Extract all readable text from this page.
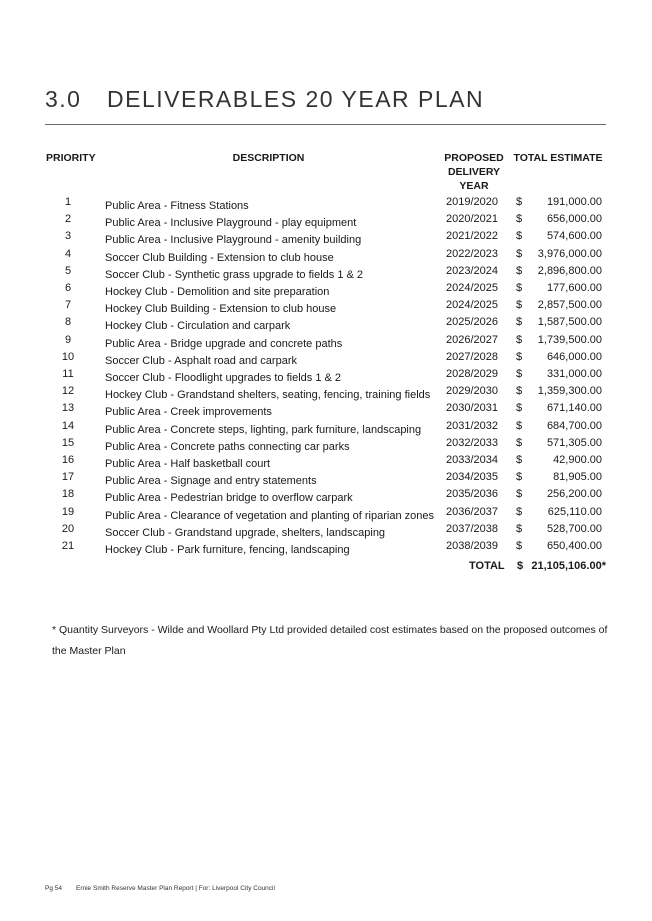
3.0 DELIVERABLES 20 YEAR PLAN
PRIORITY	DESCRIPTION	PROPOSED
DELIVERY
YEAR
TOTAL ESTIMATE
1	Public Area - Fitness Stations	2019/2020 $ 191,000.00
2	Public Area - Inclusive Playground - play equipment	2020/2021 $ 656,000.00
3	Public Area - Inclusive Playground - amenity building	2021/2022 $ 574,600.00
4	Soccer Club Building - Extension to club house	2022/2023 $ 3,976,000.00
5	Soccer Club - Synthetic grass upgrade to fields 1 & 2	2023/2024 $ 2,896,800.00
6	Hockey Club - Demolition and site preparation	2024/2025 $ 177,600.00
7	Hockey Club Building - Extension to club house	2024/2025 $ 2,857,500.00
8	Hockey Club - Circulation and carpark	2025/2026 $ 1,587,500.00
9	Public Area - Bridge upgrade and concrete paths	2026/2027 $ 1,739,500.00
10	Soccer Club - Asphalt road and carpark	2027/2028 $ 646,000.00
11	Soccer Club - Floodlight upgrades to fields 1 & 2	2028/2029 $ 331,000.00
12	Hockey Club - Grandstand shelters, seating, fencing, training fields 2029/2030 $ 1,359,300.00
13	Public Area - Creek improvements	2030/2031 $ 671,140.00
14	Public Area - Concrete steps, lighting, park furniture, landscaping 2031/2032 $ 684,700.00
15	Public Area - Concrete paths connecting car parks	2032/2033 $ 571,305.00
16	Public Area - Half basketball court	2033/2034 $	42,900.00
17	Public Area - Signage and entry statements	2034/2035 $	81,905.00
18	Public Area - Pedestrian bridge to overflow carpark	2035/2036 $ 256,200.00
19	Public Area - Clearance of vegetation and planting of riparian zones 2036/2037 $ 625,110.00
20	Soccer Club - Grandstand upgrade, shelters, landscaping	2037/2038 $ 528,700.00
21	Hockey Club - Park furniture, fencing, landscaping	2038/2039 $ 650,400.00
TOTAL $ 21,105,106.00*
* Quantity Surveyors - Wilde and Woollard Pty Ltd provided detailed cost estimates based on the proposed outcomes of the Master Plan
Pg 54 Ernie Smith Reserve Master Plan Report | For: Liverpool City Council
